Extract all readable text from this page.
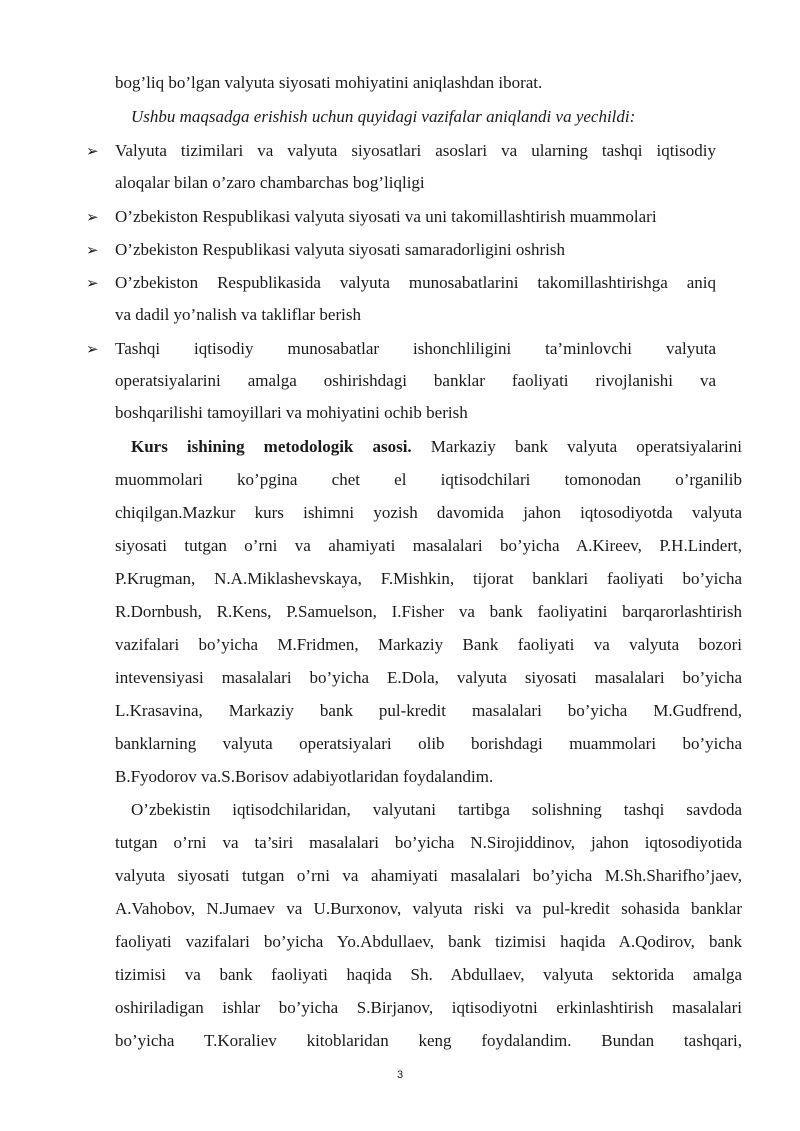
bog’liq bo’lgan valyuta siyosati mohiyatini aniqlashdan iborat.
Ushbu maqsadga erishish uchun quyidagi vazifalar aniqlandi va yechildi:
➢ Valyuta tizimilari va valyuta siyosatlari asoslari va ularning tashqi iqtisodiy
aloqalar bilan o’zaro chambarchas bog’liqligi
➢ O’zbekiston Respublikasi valyuta siyosati va uni takomillashtirish muammolari
➢ O’zbekiston Respublikasi valyuta siyosati samaradorligini oshrish
➢ O’zbekiston Respublikasida valyuta munosabatlarini takomillashtirishga aniq
va dadil yo’nalish va takliflar berish
➢ Tashqi iqtisodiy munosabatlar ishonchliligini ta’minlovchi valyuta
operatsiyalarini amalga oshirishdagi banklar faoliyati rivojlanishi va
boshqarilishi tamoyillari va mohiyatini ochib berish
Kurs ishining metodologik asosi. Markaziy bank valyuta operatsiyalarini
muommolari ko’pgina chet el iqtisodchilari tomonodan o’rganilib
chiqilgan.Mazkur kurs ishimni yozish davomida jahon iqtosodiyotda valyuta
siyosati tutgan o’rni va ahamiyati masalalari bo’yicha A.Kireev, P.H.Lindert,
P.Krugman, N.A.Miklashevskaya, F.Mishkin, tijorat banklari faoliyati bo’yicha
R.Dornbush, R.Kens, P.Samuelson, I.Fisher va bank faoliyatini barqarorlashtirish
vazifalari bo’yicha M.Fridmen, Markaziy Bank faoliyati va valyuta bozori
intevensiyasi masalalari bo’yicha E.Dola, valyuta siyosati masalalari bo’yicha
L.Krasavina, Markaziy bank pul-kredit masalalari bo’yicha M.Gudfrend,
banklarning valyuta operatsiyalari olib borishdagi muammolari bo’yicha
B.Fyodorov va.S.Borisov adabiyotlaridan foydalandim.
O’zbekistin iqtisodchilaridan, valyutani tartibga solishning tashqi savdoda
tutgan o’rni va ta’siri masalalari bo’yicha N.Sirojiddinov, jahon iqtosodiyotida
valyuta siyosati tutgan o’rni va ahamiyati masalalari bo’yicha M.Sh.Sharifho’jaev,
A.Vahobov, N.Jumaev va U.Burxonov, valyuta riski va pul-kredit sohasida banklar
faoliyati vazifalari bo’yicha Yo.Abdullaev, bank tizimisi haqida A.Qodirov, bank
tizimisi va bank faoliyati haqida Sh. Abdullaev, valyuta sektorida amalga
oshiriladigan ishlar bo’yicha S.Birjanov, iqtisodiyotni erkinlashtirish masalalari
bo’yicha T.Koraliev kitoblaridan keng foydalandim. Bundan tashqari,
3
